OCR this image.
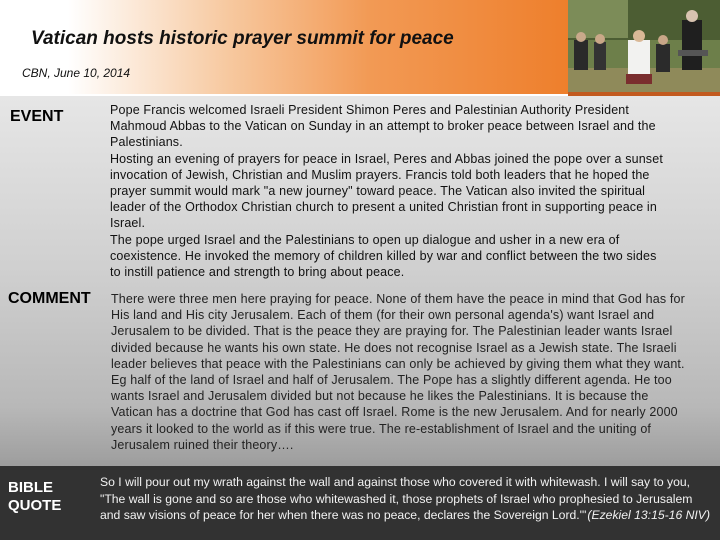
Vatican hosts historic prayer summit for peace
CBN, June 10, 2014
EVENT	Pope Francis welcomed Israeli President Shimon Peres and Palestinian Authority President Mahmoud Abbas to the Vatican on Sunday in an attempt to broker peace between Israel and the Palestinians.
Hosting an evening of prayers for peace in Israel, Peres and Abbas joined the pope over a sunset invocation of Jewish, Christian and Muslim prayers. Francis told both leaders that he hoped the prayer summit would mark "a new journey" toward peace. The Vatican also invited the spiritual leader of the Orthodox Christian church to present a united Christian front in supporting peace in Israel.
The pope urged Israel and the Palestinians to open up dialogue and usher in a new era of coexistence. He invoked the memory of children killed by war and conflict between the two sides to instill patience and strength to bring about peace.
COMMENT There were three men here praying for peace. None of them have the peace in mind that God has for His land and His city Jerusalem. Each of them (for their own personal agenda's) want Israel and Jerusalem to be divided. That is the peace they are praying for. The Palestinian leader wants Israel divided because he wants his own state. He does not recognise Israel as a Jewish state. The Israeli leader believes that peace with the Palestinians can only be achieved by giving them what they want. Eg half of the land of Israel and half of Jerusalem. The Pope has a slightly different agenda. He too wants Israel and Jerusalem divided but not because he likes the Palestinians. It is because the Vatican has a doctrine that God has cast off Israel. Rome is the new Jerusalem. And for nearly 2000 years it looked to the world as if this were true. The re-establishment of Israel and the uniting of Jerusalem ruined their theory….
BIBLE
QUOTE
So I will pour out my wrath against the wall and against those who covered it with whitewash. I will say to you, "The wall is gone and so are those who whitewashed it, those prophets of Israel who prophesied to Jerusalem and saw visions of peace for her when there was no peace, declares the Sovereign Lord.'" (Ezekiel 13:15-16 NIV)
